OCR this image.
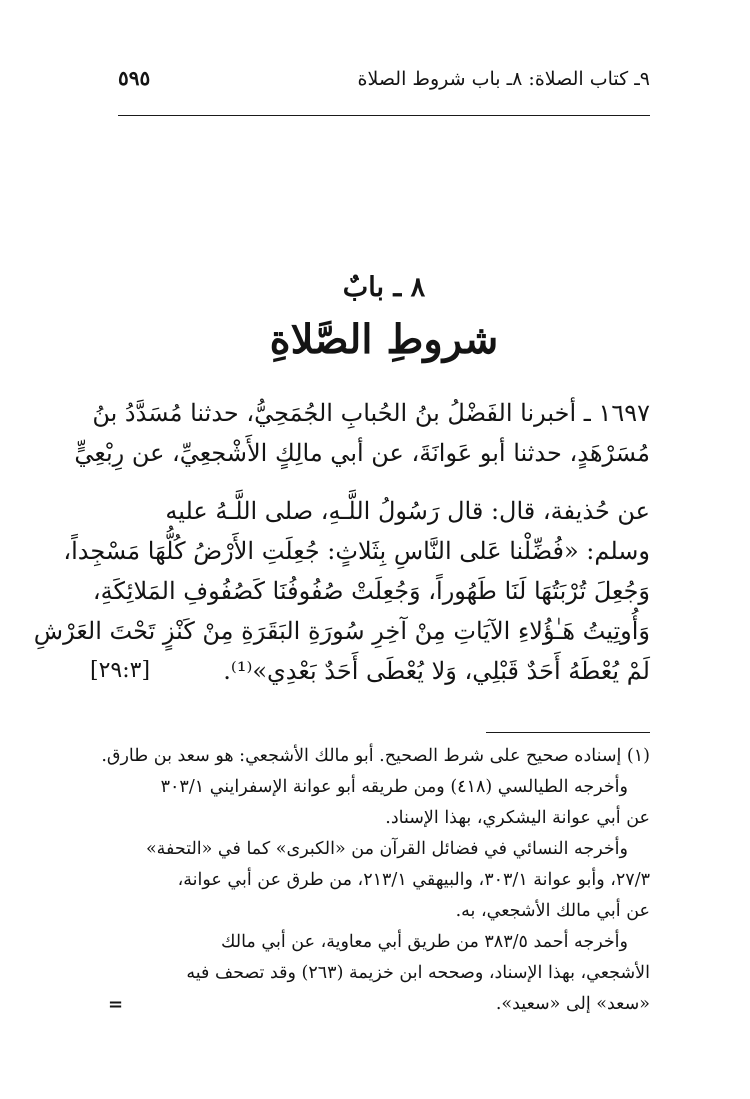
٩ـ كتاب الصلاة: ٨ـ باب شروط الصلاة
٥٩٥
٨ ـ بابٌ
شروطِ الصَّلاةِ
١٦٩٧ ـ أخبرنا الفَضْلُ بنُ الحُبابِ الجُمَحِيُّ، حدثنا مُسَدَّدُ بنُ
مُسَرْهَدٍ، حدثنا أبو عَوانَةَ، عن أبي مالِكٍ الأَشْجعِيِّ، عن رِبْعِيٍّ
عن حُذيفة، قال: قال رَسُولُ اللَّـهِ، صلى اللَّـهُ عليه
وسلم: «فُضِّلْنا عَلى النَّاسِ بِثَلاثٍ: جُعِلَتِ الأَرْضُ كُلُّهَا مَسْجِداً،
وَجُعِلَ تُرْبَتُهَا لَنَا طَهُوراً، وَجُعِلَتْ صُفُوفُنَا كَصُفُوفِ المَلائِكَةِ،
وَأُوتِيتُ هَـٰؤُلاءِ الآيَاتِ مِنْ آخِرِ سُورَةِ البَقَرَةِ مِنْ كَنْزٍ تَحْتَ العَرْشِ
لَمْ يُعْطَهُ أَحَدٌ قَبْلِي، وَلا يُعْطَى أَحَدٌ بَعْدِي»⁽¹⁾.
[٢٩:٣]
(١) إسناده صحيح على شرط الصحيح. أبو مالك الأشجعي: هو سعد بن طارق.
وأخرجه الطيالسي (٤١٨) ومن طريقه أبو عوانة الإسفرايني ٣٠٣/١
عن أبي عوانة اليشكري، بهذا الإسناد.
وأخرجه النسائي في فضائل القرآن من «الكبرى» كما في «التحفة»
٢٧/٣، وأبو عوانة ٣٠٣/١، والبيهقي ٢١٣/١، من طرق عن أبي عوانة،
عن أبي مالك الأشجعي، به.
وأخرجه أحمد ٣٨٣/٥ من طريق أبي معاوية، عن أبي مالك
الأشجعي، بهذا الإسناد، وصححه ابن خزيمة (٢٦٣) وقد تصحف فيه
«سعد» إلى «سعيد».
=
